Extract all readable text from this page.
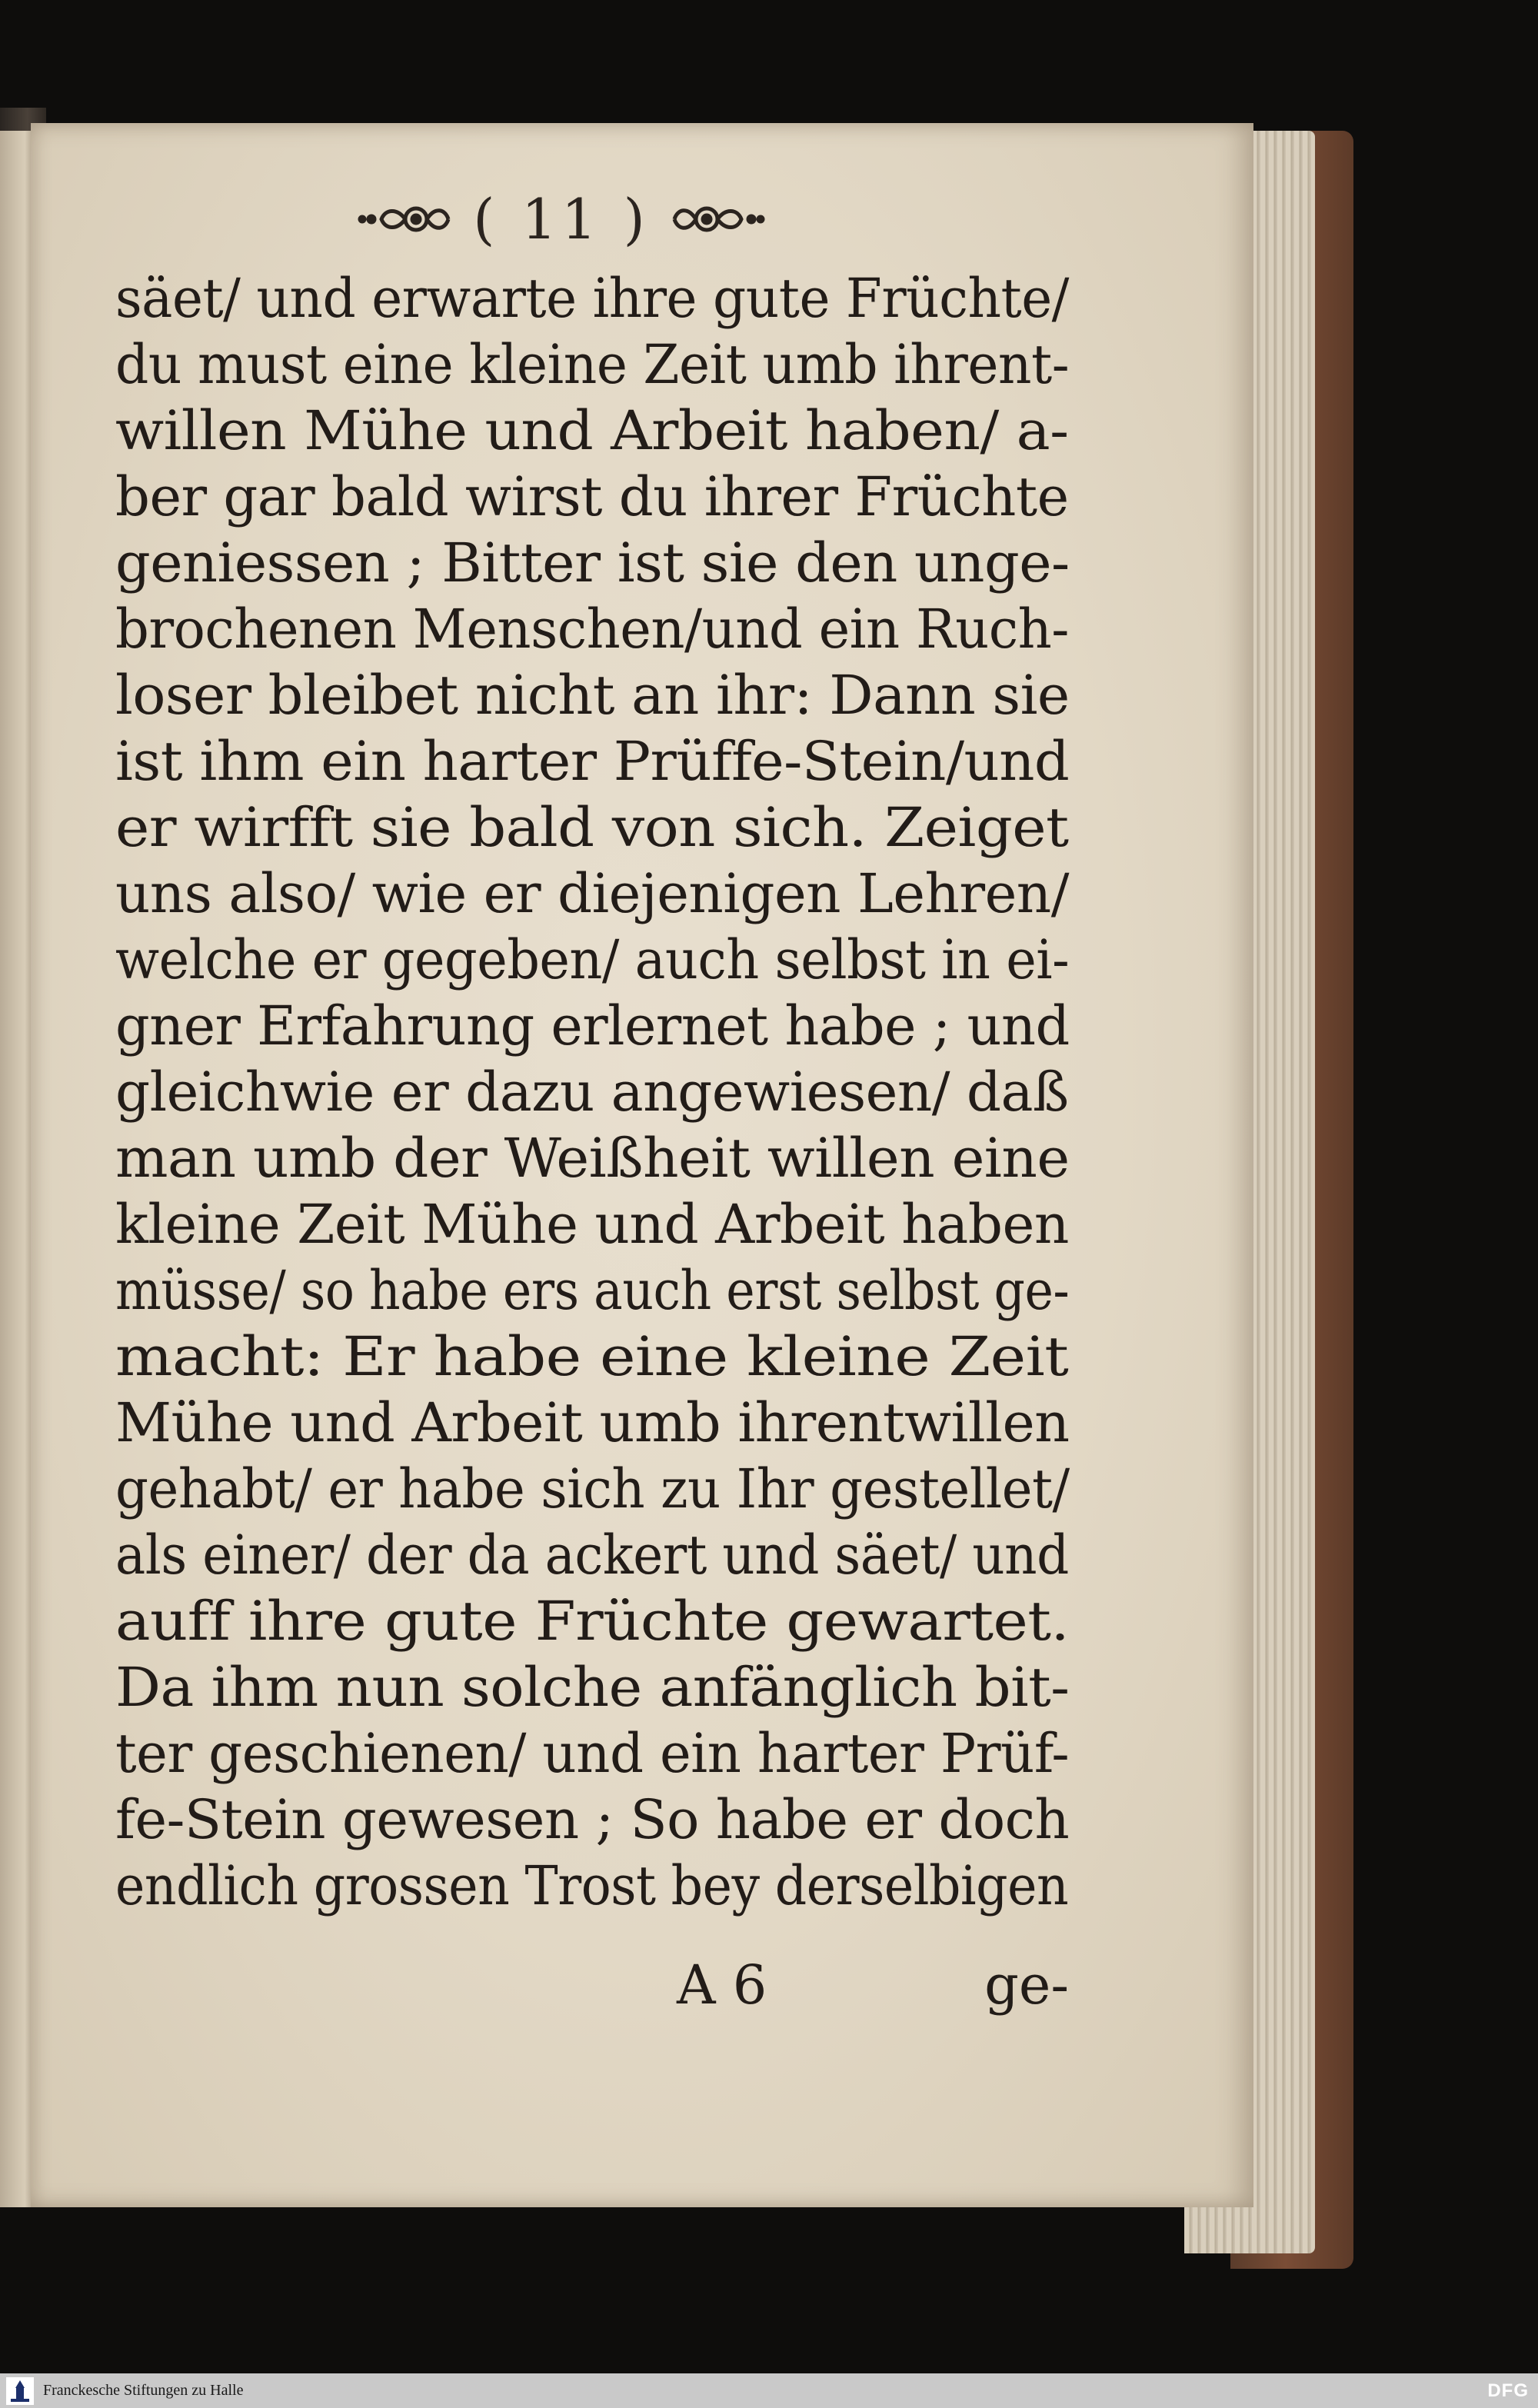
( 11 )
säet/ und erwarte ihre gute Früchte/
du must eine kleine Zeit umb ihrent-
willen Mühe und Arbeit haben/ a-
ber gar bald wirst du ihrer Früchte
geniessen ; Bitter ist sie den unge-
brochenen Menschen/und ein Ruch-
loser bleibet nicht an ihr: Dann sie
ist ihm ein harter Prüffe-Stein/und
er wirfft sie bald von sich. Zeiget
uns also/ wie er diejenigen Lehren/
welche er gegeben/ auch selbst in ei-
gner Erfahrung erlernet habe ; und
gleichwie er dazu angewiesen/ daß
man umb der Weißheit willen eine
kleine Zeit Mühe und Arbeit haben
müsse/ so habe ers auch erst selbst ge-
macht: Er habe eine kleine Zeit
Mühe und Arbeit umb ihrentwillen
gehabt/ er habe sich zu Ihr gestellet/
als einer/ der da ackert und säet/ und
auff ihre gute Früchte gewartet.
Da ihm nun solche anfänglich bit-
ter geschienen/ und ein harter Prüf-
fe-Stein gewesen ; So habe er doch
endlich grossen Trost bey derselbigen
A 6	ge-
Franckesche Stiftungen zu Halle	DFG
